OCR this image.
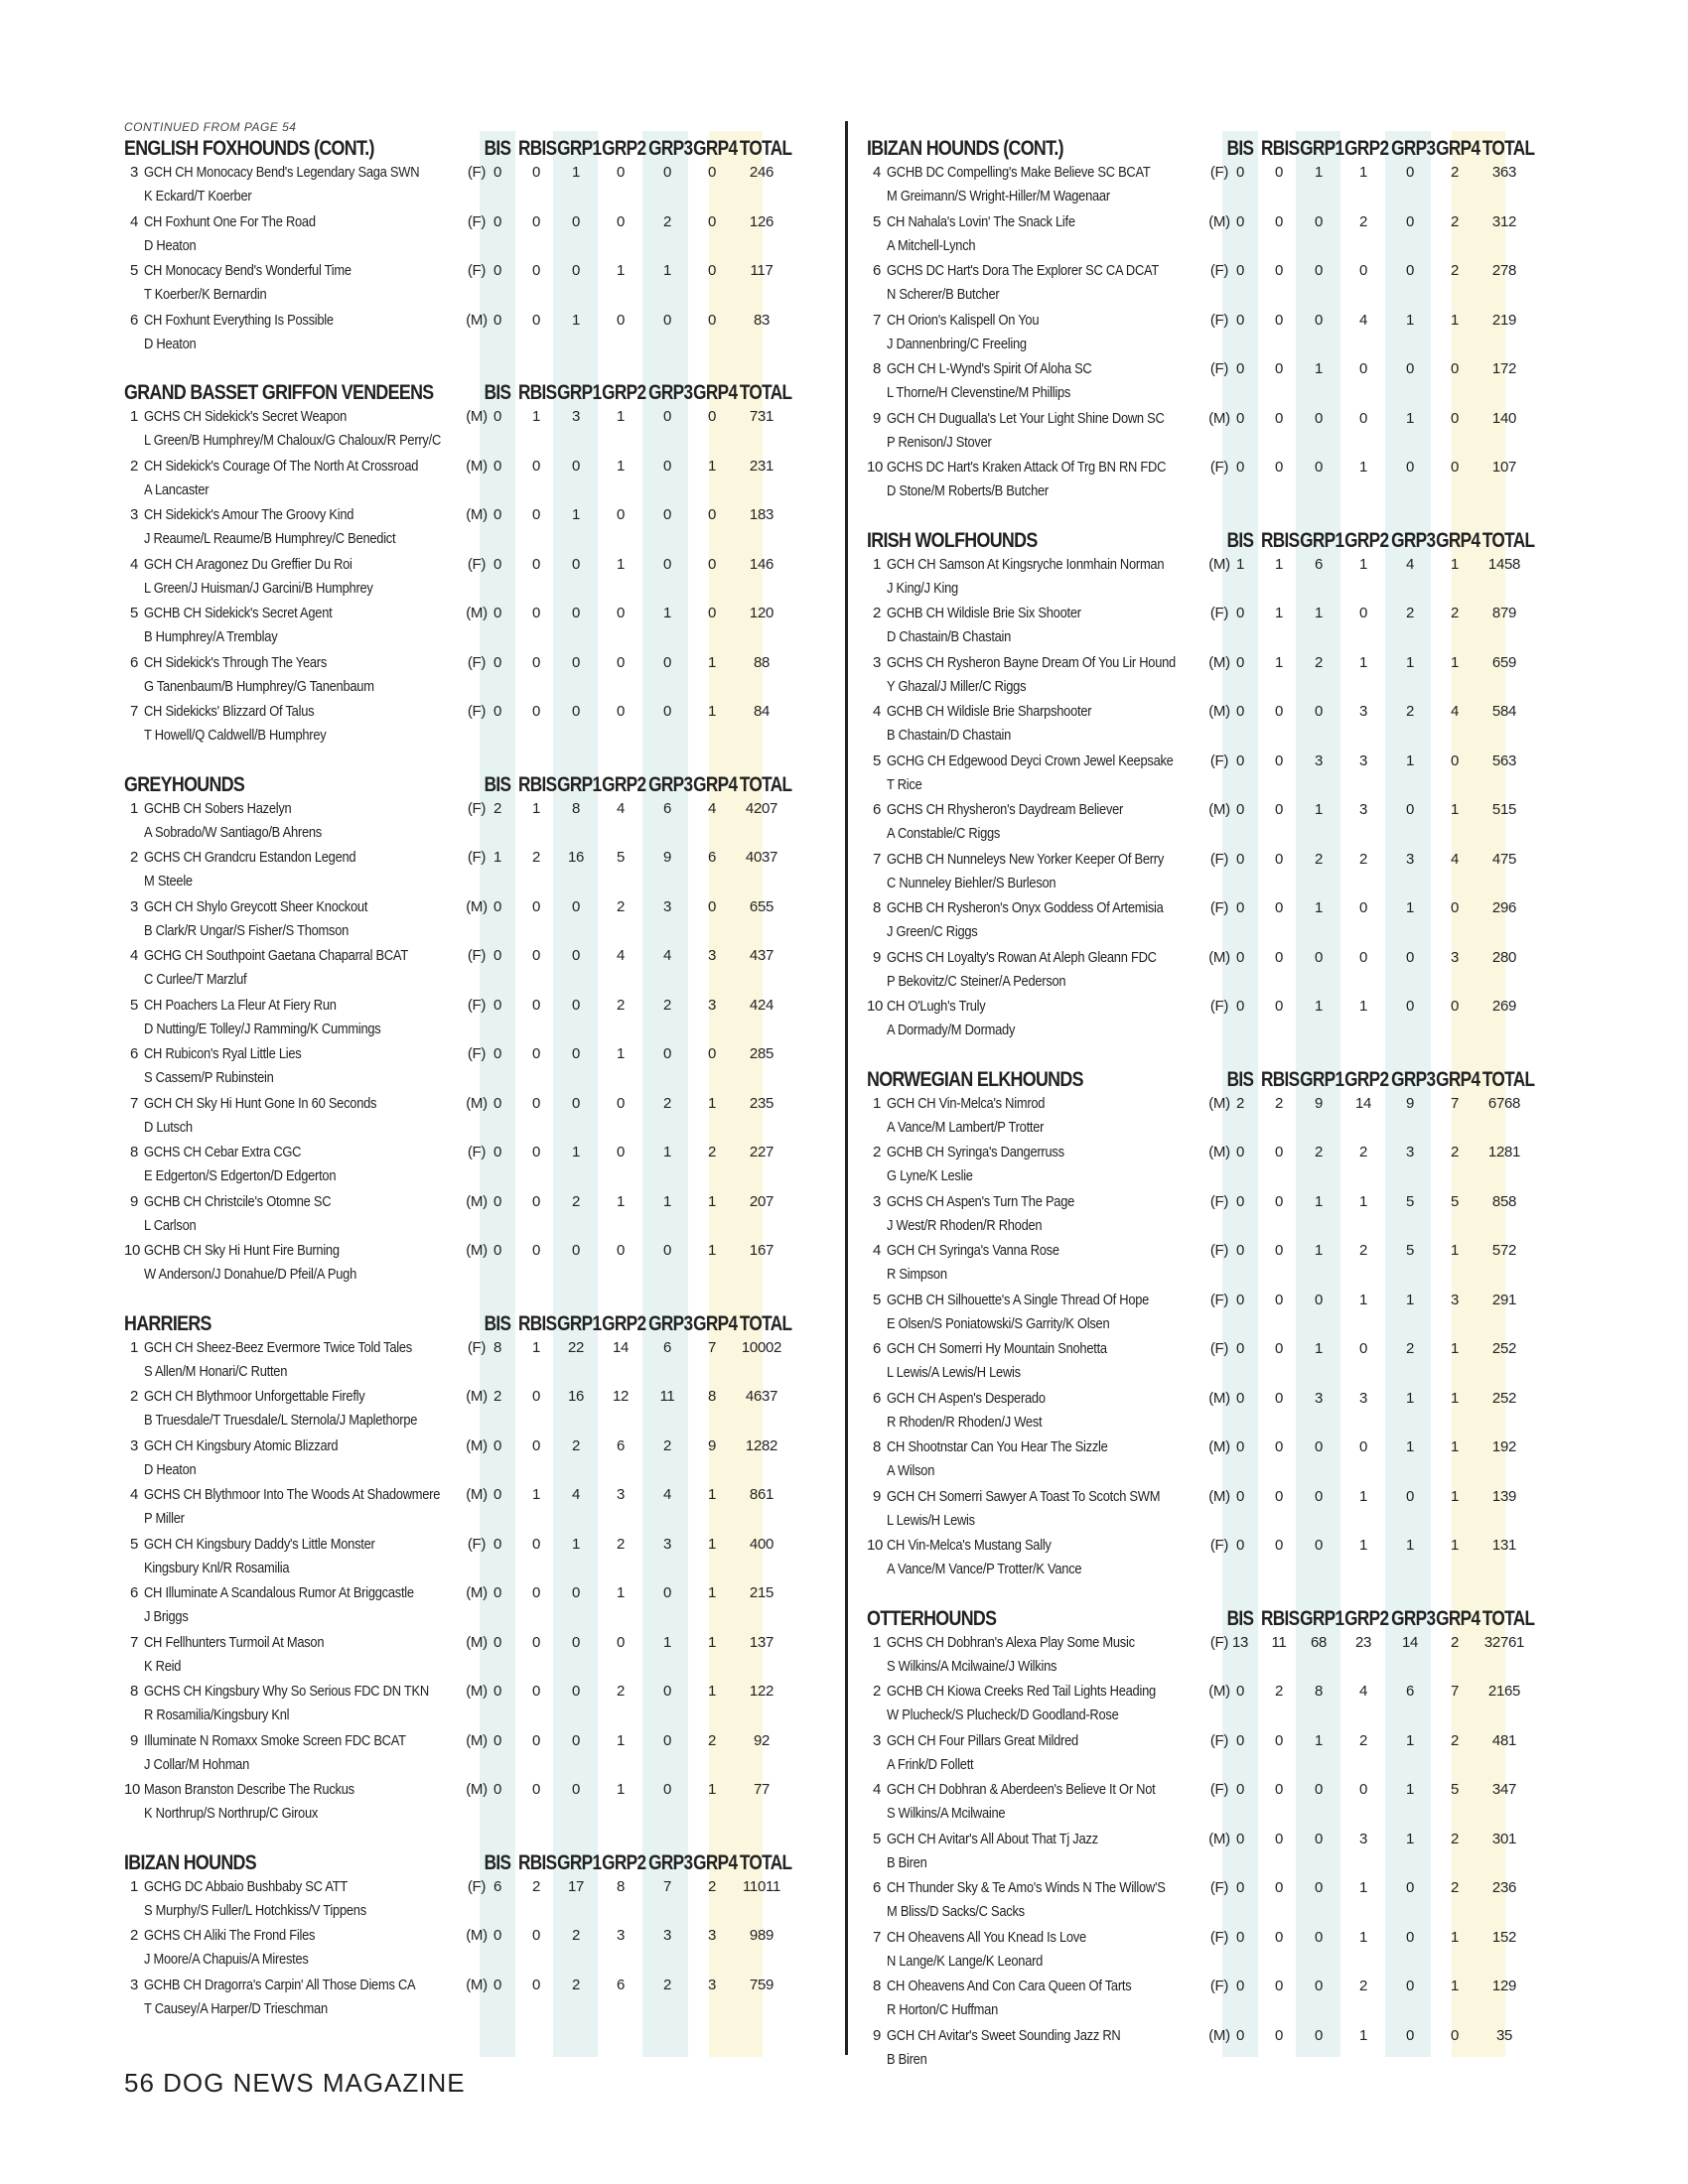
CONTINUED FROM PAGE 54
ENGLISH FOXHOUNDS (CONT.)	BIS RBIS GRP1 GRP2 GRP3 GRP4 TOTAL
3 GCH CH Monocacy Bend's Legendary Saga SWN
K Eckard/T Koerber
(F) 0	0	1	0	0	0	246
4 CH Foxhunt One For The Road
D Heaton
(F) 0	0	0	0	2	0	126
5 CH Monocacy Bend's Wonderful Time
T Koerber/K Bernardin
(F) 0	0	0	1	1	0	117
6 CH Foxhunt Everything Is Possible
D Heaton
(M) 0	0	1	0	0	0	83
GRAND BASSET GRIFFON VENDEENS BIS RBIS GRP1 GRP2 GRP3 GRP4 TOTAL
1 GCHS CH Sidekick's Secret Weapon
L Green/B Humphrey/M Chaloux/G Chaloux/R Perry/C
(M) 0	1	3	1	0	0	731
2 CH Sidekick's Courage Of The North At Crossroad
A Lancaster
(M) 0	0	0	1	0	1	231
3 CH Sidekick's Amour The Groovy Kind
J Reaume/L Reaume/B Humphrey/C Benedict
(M) 0	0	1	0	0	0	183
4 GCH CH Aragonez Du Greffier Du Roi
L Green/J Huisman/J Garcini/B Humphrey
(F) 0	0	0	1	0	0	146
5 GCHB CH Sidekick's Secret Agent
B Humphrey/A Tremblay
(M) 0	0	0	0	1	0	120
6 CH Sidekick's Through The Years
G Tanenbaum/B Humphrey/G Tanenbaum
(F) 0	0	0	0	0	1	88
7 CH Sidekicks' Blizzard Of Talus
T Howell/Q Caldwell/B Humphrey
(F) 0	0	0	0	0	1	84
GREYHOUNDS	BIS RBIS GRP1 GRP2 GRP3 GRP4 TOTAL
1 GCHB CH Sobers Hazelyn
A Sobrado/W Santiago/B Ahrens
(F) 2	1	8	4	6	4	4207
2 GCHS CH Grandcru Estandon Legend
M Steele
(F) 1	2	16	5	9	6	4037
3 GCH CH Shylo Greycott Sheer Knockout
B Clark/R Ungar/S Fisher/S Thomson
(M) 0	0	0	2	3	0	655
4 GCHG CH Southpoint Gaetana Chaparral BCAT
C Curlee/T Marzluf
(F) 0	0	0	4	4	3	437
5 CH Poachers La Fleur At Fiery Run
D Nutting/E Tolley/J Ramming/K Cummings
(F) 0	0	0	2	2	3	424
6 CH Rubicon's Ryal Little Lies
S Cassem/P Rubinstein
(F) 0	0	0	1	0	0	285
7 GCH CH Sky Hi Hunt Gone In 60 Seconds
D Lutsch
(M) 0	0	0	0	2	1	235
8 GCHS CH Cebar Extra CGC
E Edgerton/S Edgerton/D Edgerton
(F) 0	0	1	0	1	2	227
9 GCHB CH Christcile's Otomne SC
L Carlson
(M) 0	0	2	1	1	1	207
10 GCHB CH Sky Hi Hunt Fire Burning
W Anderson/J Donahue/D Pfeil/A Pugh
(M) 0	0	0	0	0	1	167
HARRIERS	BIS RBIS GRP1 GRP2 GRP3 GRP4 TOTAL
1 GCH CH Sheez-Beez Evermore Twice Told Tales
S Allen/M Honari/C Rutten
(F) 8	1	22	14	6	7	10002
2 GCH CH Blythmoor Unforgettable Firefly
B Truesdale/T Truesdale/L Sternola/J Maplethorpe
(M) 2	0	16	12	11	8	4637
3 GCH CH Kingsbury Atomic Blizzard
D Heaton
(M) 0	0	2	6	2	9	1282
4 GCHS CH Blythmoor Into The Woods At Shadowmere
P Miller
(M) 0	1	4	3	4	1	861
5 GCH CH Kingsbury Daddy's Little Monster
Kingsbury Knl/R Rosamilia
(F) 0	0	1	2	3	1	400
6 CH Illuminate A Scandalous Rumor At Briggcastle
J Briggs
(M) 0	0	0	1	0	1	215
7 CH Fellhunters Turmoil At Mason
K Reid
(M) 0	0	0	0	1	1	137
8 GCHS CH Kingsbury Why So Serious FDC DN TKN
R Rosamilia/Kingsbury Knl
(M) 0	0	0	2	0	1	122
9 Illuminate N Romaxx Smoke Screen FDC BCAT
J Collar/M Hohman
(M) 0	0	0	1	0	2	92
10 Mason Branston Describe The Ruckus
K Northrup/S Northrup/C Giroux
(M) 0	0	0	1	0	1	77
IBIZAN HOUNDS	BIS RBIS GRP1 GRP2 GRP3 GRP4 TOTAL
1 GCHG DC Abbaio Bushbaby SC ATT
S Murphy/S Fuller/L Hotchkiss/V Tippens
(F) 6	2	17	8	7	2	11011
2 GCHS CH Aliki The Frond Files
J Moore/A Chapuis/A Mirestes
(M) 0	0	2	3	3	3	989
3 GCHB CH Dragorra's Carpin' All Those Diems CA
T Causey/A Harper/D Trieschman
(M) 0	0	2	6	2	3	759
IBIZAN HOUNDS (CONT.)	BIS RBIS GRP1 GRP2 GRP3 GRP4 TOTAL
4 GCHB DC Compelling's Make Believe SC BCAT
M Greimann/S Wright-Hiller/M Wagenaar
(F) 0	0	1	1	0	2	363
5 CH Nahala's Lovin' The Snack Life
A Mitchell-Lynch
(M) 0	0	0	2	0	2	312
6 GCHS DC Hart's Dora The Explorer SC CA DCAT
N Scherer/B Butcher
(F) 0	0	0	0	0	2	278
7 CH Orion's Kalispell On You
J Dannenbring/C Freeling
(F) 0	0	0	4	1	1	219
8 GCH CH L-Wynd's Spirit Of Aloha SC
L Thorne/H Clevenstine/M Phillips
(F) 0	0	1	0	0	0	172
9 GCH CH Dugualla's Let Your Light Shine Down SC
P Renison/J Stover
(M) 0	0	0	0	1	0	140
10 GCHS DC Hart's Kraken Attack Of Trg BN RN FDC
D Stone/M Roberts/B Butcher
(F) 0	0	0	1	0	0	107
IRISH WOLFHOUNDS	BIS RBIS GRP1 GRP2 GRP3 GRP4 TOTAL
1 GCH CH Samson At Kingsryche Ionmhain Norman
J King/J King
(M) 1	1	6	1	4	1	1458
2 GCHB CH Wildisle Brie Six Shooter
D Chastain/B Chastain
(F) 0	1	1	0	2	2	879
3 GCHS CH Rysheron Bayne Dream Of You Lir Hound
Y Ghazal/J Miller/C Riggs
(M) 0	1	2	1	1	1	659
4 GCHB CH Wildisle Brie Sharpshooter
B Chastain/D Chastain
(M) 0	0	0	3	2	4	584
5 GCHG CH Edgewood Deyci Crown Jewel Keepsake
T Rice
(F) 0	0	3	3	1	0	563
6 GCHS CH Rhysheron's Daydream Believer
A Constable/C Riggs
(M) 0	0	1	3	0	1	515
7 GCHB CH Nunneleys New Yorker Keeper Of Berry
C Nunneley Biehler/S Burleson
(F) 0	0	2	2	3	4	475
8 GCHB CH Rysheron's Onyx Goddess Of Artemisia
J Green/C Riggs
(F) 0	0	1	0	1	0	296
9 GCHS CH Loyalty's Rowan At Aleph Gleann FDC
P Bekovitz/C Steiner/A Pederson
(M) 0	0	0	0	0	3	280
10 CH O'Lugh's Truly
A Dormady/M Dormady
(F) 0	0	1	1	0	0	269
NORWEGIAN ELKHOUNDS	BIS RBIS GRP1 GRP2 GRP3 GRP4 TOTAL
1 GCH CH Vin-Melca's Nimrod
A Vance/M Lambert/P Trotter
(M) 2	2	9	14	9	7	6768
2 GCHB CH Syringa's Dangerruss
G Lyne/K Leslie
(M) 0	0	2	2	3	2	1281
3 GCHS CH Aspen's Turn The Page
J West/R Rhoden/R Rhoden
(F) 0	0	1	1	5	5	858
4 GCH CH Syringa's Vanna Rose
R Simpson
(F) 0	0	1	2	5	1	572
5 GCHB CH Silhouette's A Single Thread Of Hope
E Olsen/S Poniatowski/S Garrity/K Olsen
(F) 0	0	0	1	1	3	291
6 GCH CH Somerri Hy Mountain Snohetta
L Lewis/A Lewis/H Lewis
(F) 0	0	1	0	2	1	252
6 GCH CH Aspen's Desperado
R Rhoden/R Rhoden/J West
(M) 0	0	3	3	1	1	252
8 CH Shootnstar Can You Hear The Sizzle
A Wilson
(M) 0	0	0	0	1	1	192
9 GCH CH Somerri Sawyer A Toast To Scotch SWM
L Lewis/H Lewis
(M) 0	0	0	1	0	1	139
10 CH Vin-Melca's Mustang Sally
A Vance/M Vance/P Trotter/K Vance
(F) 0	0	0	1	1	1	131
OTTERHOUNDS	BIS RBIS GRP1 GRP2 GRP3 GRP4 TOTAL
1 GCHS CH Dobhran's Alexa Play Some Music
S Wilkins/A Mcilwaine/J Wilkins
(F) 13	11	68	23	14	2	32761
2 GCHB CH Kiowa Creeks Red Tail Lights Heading
W Plucheck/S Plucheck/D Goodland-Rose
(M) 0	2	8	4	6	7	2165
3 GCH CH Four Pillars Great Mildred
A Frink/D Follett
(F) 0	0	1	2	1	2	481
4 GCH CH Dobhran & Aberdeen's Believe It Or Not
S Wilkins/A Mcilwaine
(F) 0	0	0	0	1	5	347
5 GCH CH Avitar's All About That Tj Jazz
B Biren
(M) 0	0	0	3	1	2	301
6 CH Thunder Sky & Te Amo's Winds N The Willow'S
M Bliss/D Sacks/C Sacks
(F) 0	0	0	1	0	2	236
7 CH Oheavens All You Knead Is Love
N Lange/K Lange/K Leonard
(F) 0	0	0	1	0	1	152
8 CH Oheavens And Con Cara Queen Of Tarts
R Horton/C Huffman
(F) 0	0	0	2	0	1	129
9 GCH CH Avitar's Sweet Sounding Jazz RN
B Biren
(M) 0	0	0	1	0	0	35
56 DOG NEWS MAGAZINE
